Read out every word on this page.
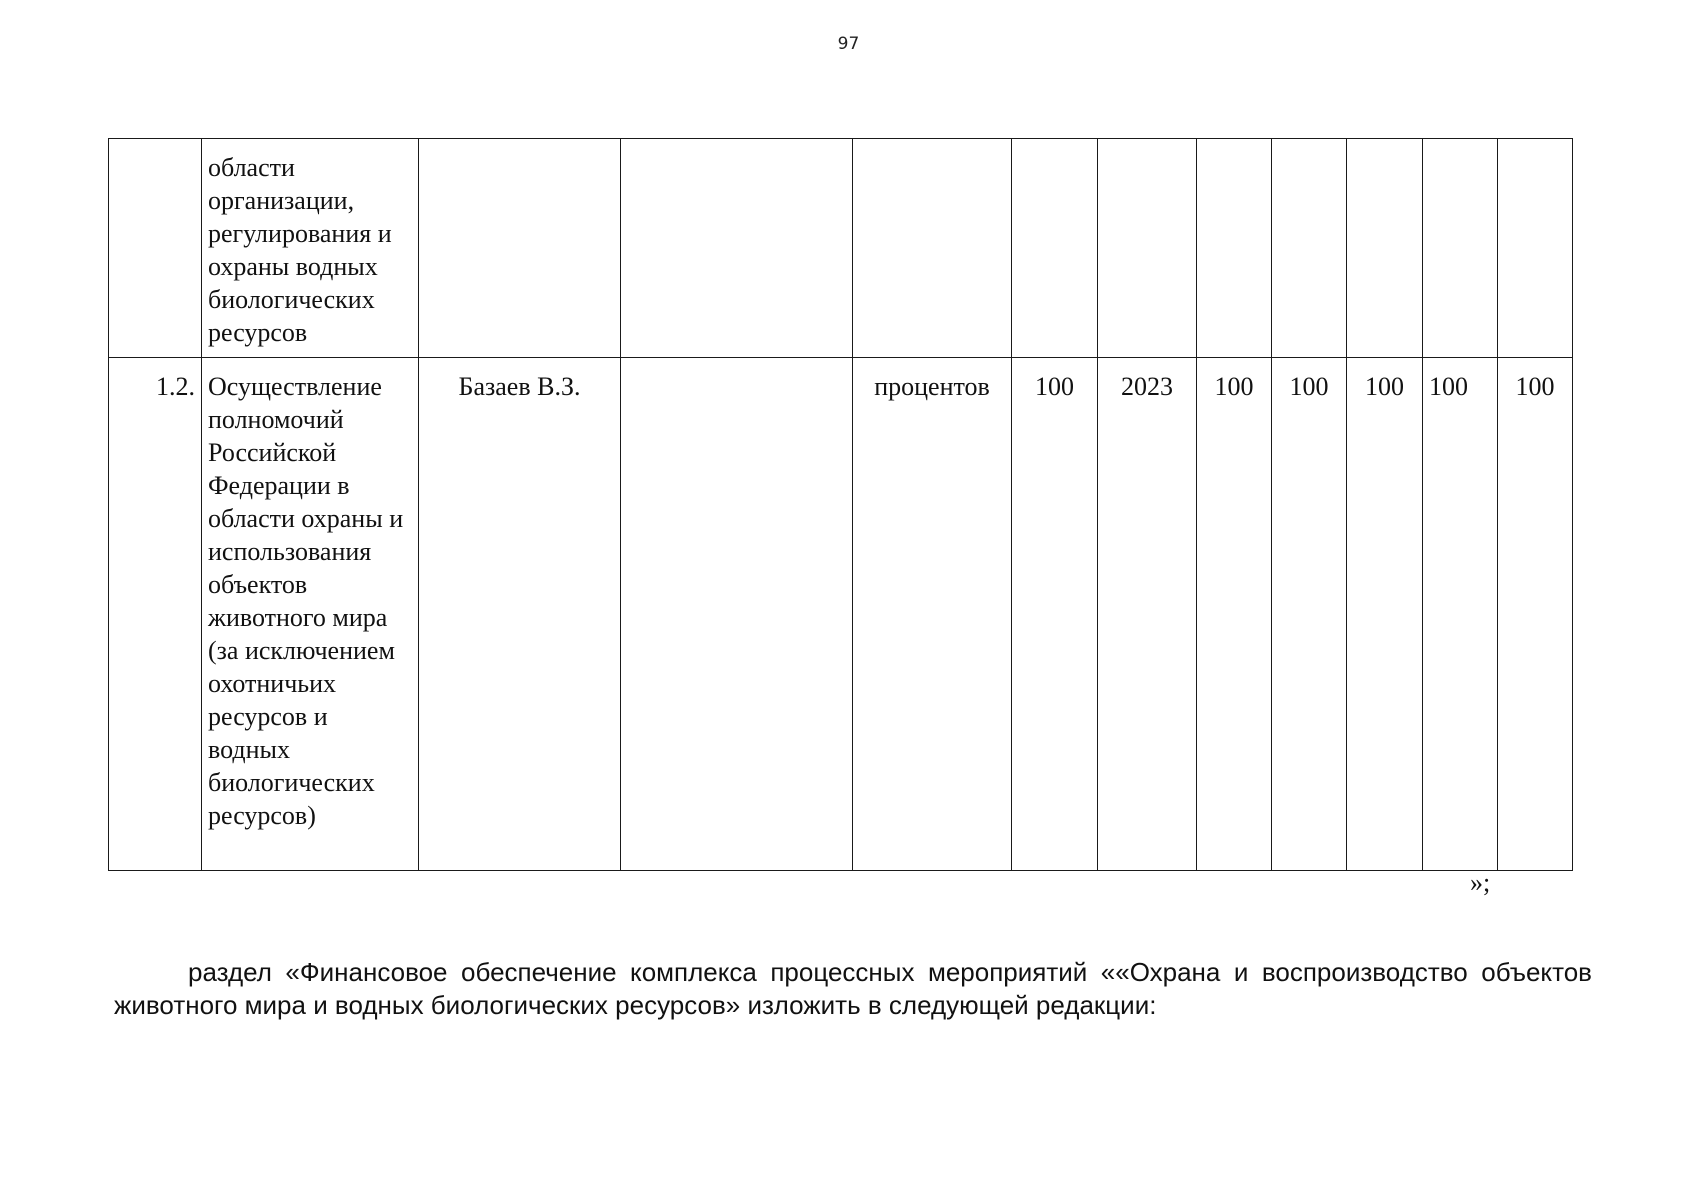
97
	области организации, регулирования и охраны водных биологических ресурсов										
1.2.	Осуществление полномочий Российской Федерации в области охраны и использования объектов животного мира (за исключением охотничьих ресурсов и водных биологических ресурсов)	Базаев В.З.		процентов	100	2023	100	100	100	100	100
»;

раздел «Финансовое обеспечение комплекса процессных мероприятий ««Охрана и воспроизводство объектов животного мира и водных биологических ресурсов» изложить в следующей редакции:
